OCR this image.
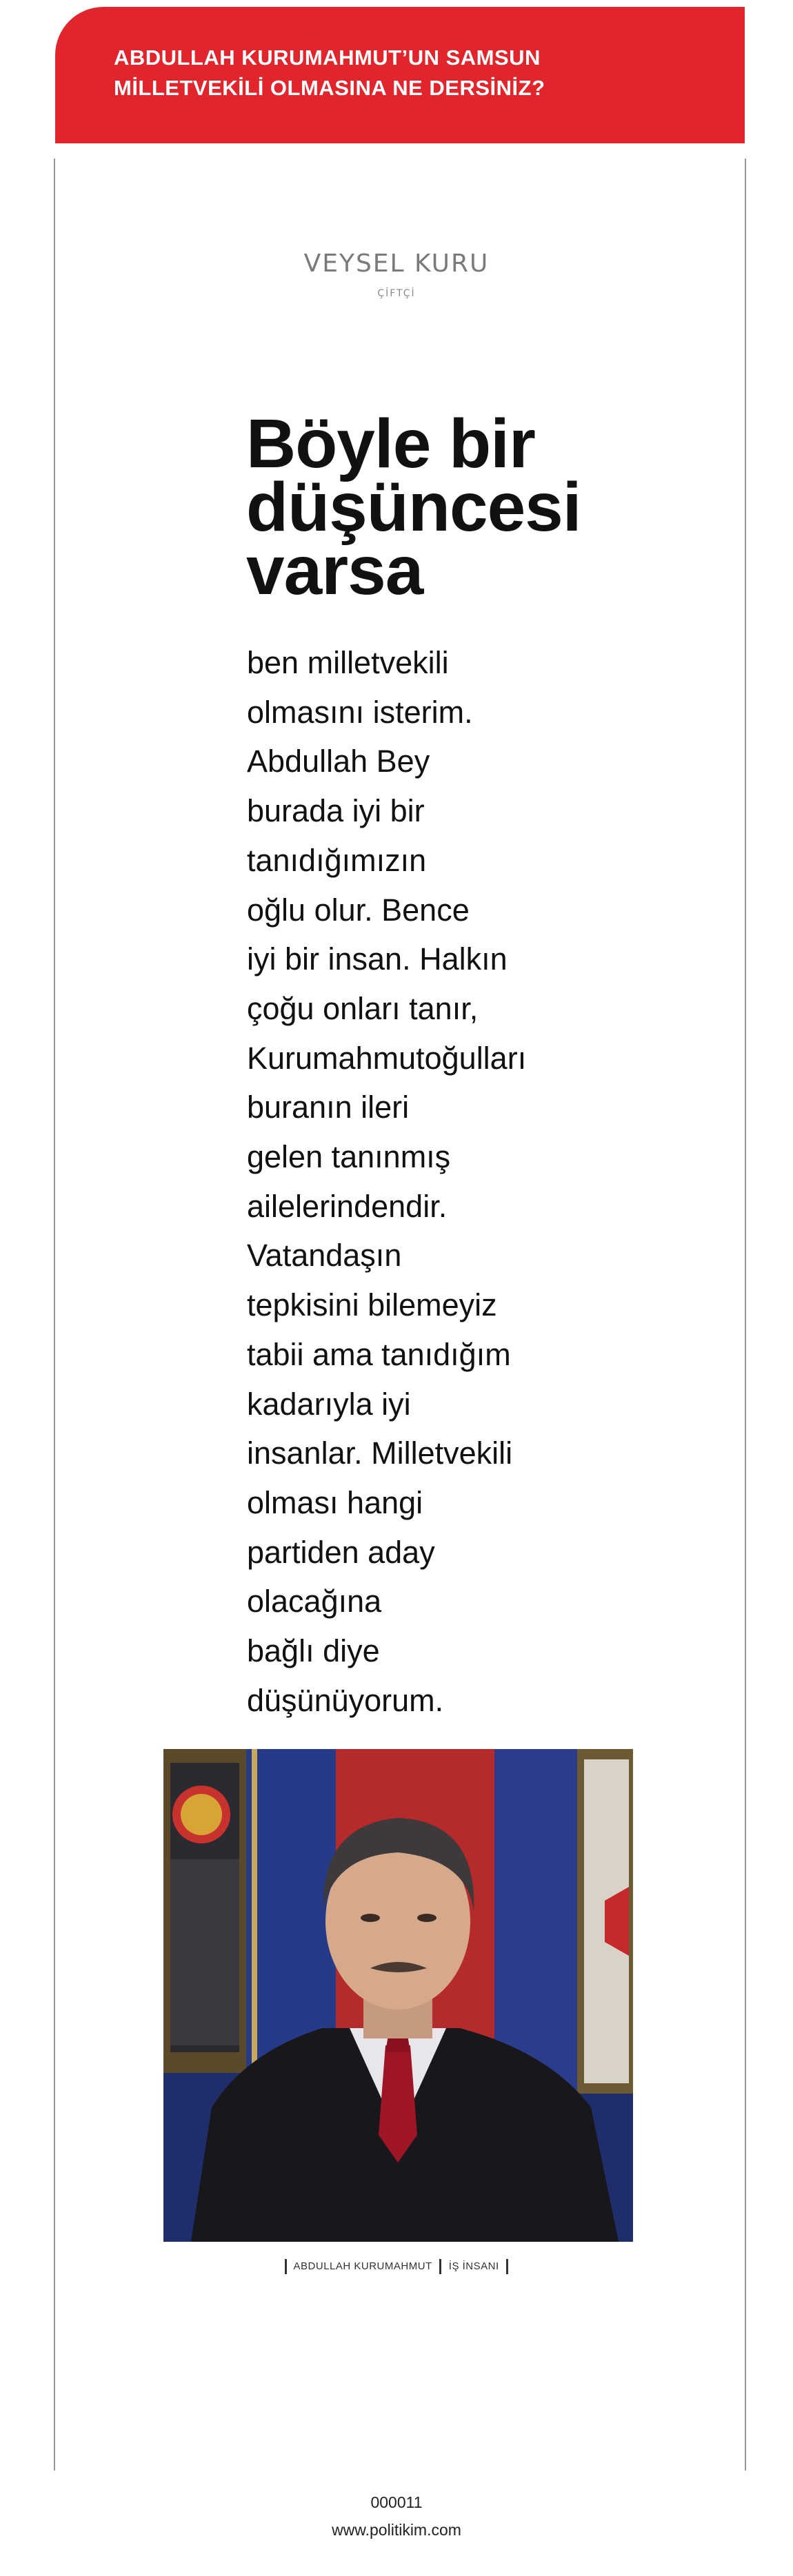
ABDULLAH KURUMAHMUT’UN SAMSUN
MİLLETVEKİLİ OLMASINA NE DERSİNİZ?

VEYSEL KURU
ÇİFTÇİ
Böyle bir
düşüncesi
varsa

ben milletvekili
olmasını isterim.
Abdullah Bey
burada iyi bir
tanıdığımızın
oğlu olur. Bence
iyi bir insan. Halkın
çoğu onları tanır,
Kurumahmutoğulları
buranın ileri
gelen tanınmış
ailelerindendir.
Vatandaşın
tepkisini bilemeyiz
tabii ama tanıdığım
kadarıyla iyi
insanlar. Milletvekili
olması hangi
partiden aday
olacağına
bağlı diye
düşünüyorum.

ABDULLAH KURUMAHMUT İŞ İNSANI
000011
www.politikim.com
